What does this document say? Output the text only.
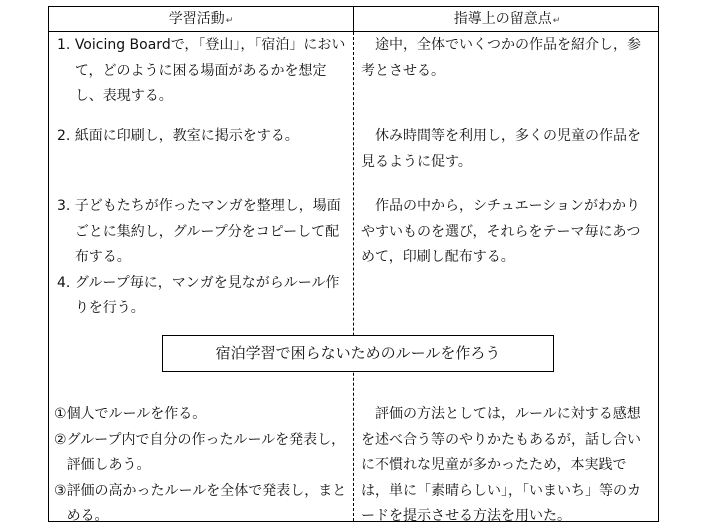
学習活動↵	指導上の留意点↵
1. Voicing Boardで，「登山」，「宿泊」において，どのように困る場面があるかを想定し、表現する。
途中，全体でいくつかの作品を紹介し，参考とさせる。
2. 紙面に印刷し，教室に掲示をする。	休み時間等を利用し，多くの児童の作品を見るように促す。
3. 子どもたちが作ったマンガを整理し，場面ごとに集約し，グループ分をコピーして配布する。
4. グループ毎に，マンガを見ながらルール作りを行う。
作品の中から，シチュエーションがわかりやすいものを選び，それらをテーマ毎にあつめて，印刷し配布する。
宿泊学習で困らないためのルールを作ろう
① 個人でルールを作る。
② グループ内で自分の作ったルールを発表し，評価しあう。
③ 評価の高かったルールを全体で発表し，まとめる。
評価の方法としては，ルールに対する感想を述べ合う等のやりかたもあるが，話し合いに不慣れな児童が多かったため，本実践では，単に「素晴らしい」，「いまいち」等のカードを提示させる方法を用いた。
